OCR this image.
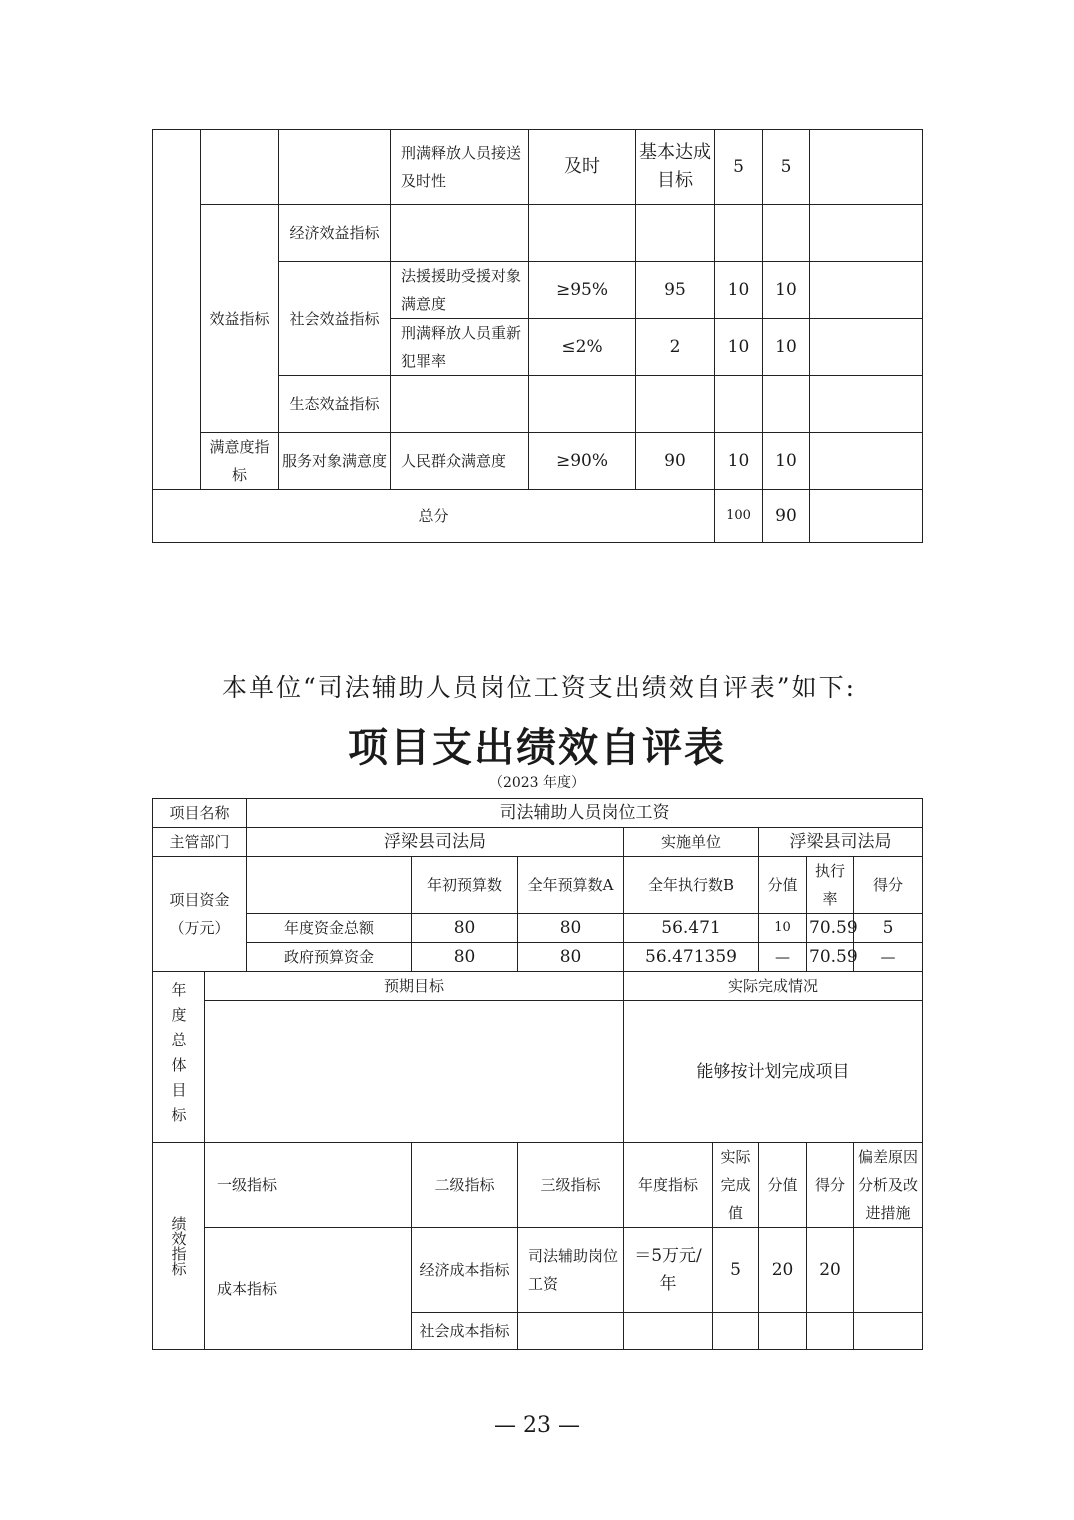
			刑满释放人员接送及时性	及时	基本达成目标	5	5	
	效益指标	经济效益指标						
		社会效益指标	法援援助受援对象满意度	≥95%	95	10	10	
			刑满释放人员重新犯罪率	≤2%	2	10	10	
		生态效益指标						
	满意度指标	服务对象满意度	人民群众满意度	≥90%	90	10	10	
总分						100	90	
本单位“司法辅助人员岗位工资支出绩效自评表”如下:
项目支出绩效自评表
（2023 年度）
项目名称		司法辅助人员岗位工资							
主管部门		浮梁县司法局			实施单位		浮梁县司法局		
项目资金（万元）			年初预算数	全年预算数A	全年执行数B		分值	执行率	得分
		年度资金总额	80	80	56.471		10	70.59	5
		政府预算资金	80	80	56.471359		—	70.59	—
年度总体目标	预期目标				实际完成情况				
					能够按计划完成项目				
绩效指标	一级指标		二级指标	三级指标	年度指标	实际完成值	分值	得分	偏差原因分析及改进措施
	成本指标		经济成本指标	司法辅助岗位工资	＝5万元/年	5	20	20	
			社会成本指标						
— 23 —
